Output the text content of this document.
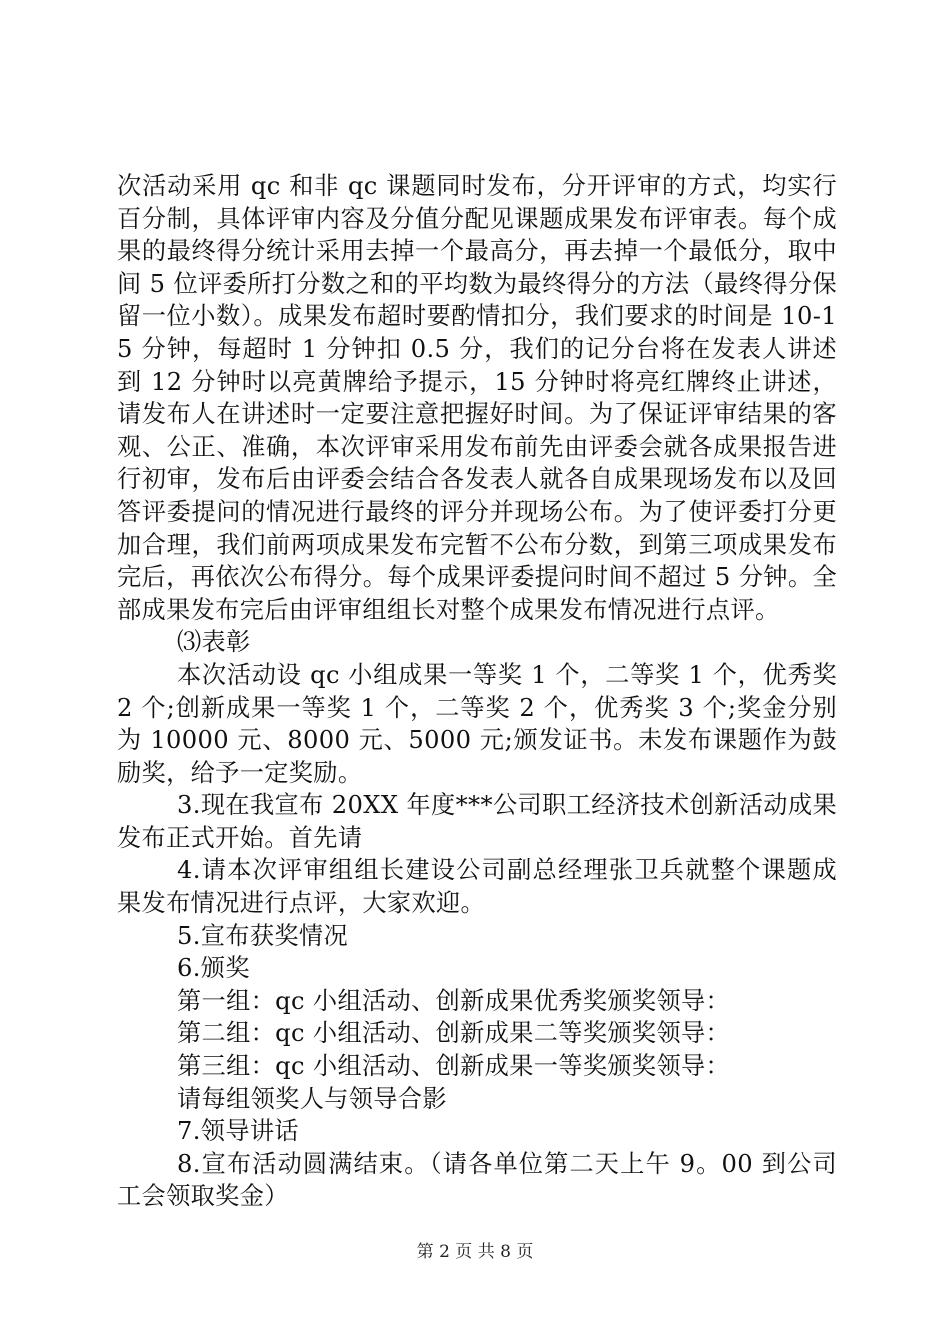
次活动采用 qc 和非 qc 课题同时发布，分开评审的方式，均实行百分制，具体评审内容及分值分配见课题成果发布评审表。每个成果的最终得分统计采用去掉一个最高分，再去掉一个最低分，取中间 5 位评委所打分数之和的平均数为最终得分的方法（最终得分保留一位小数）。成果发布超时要酌情扣分，我们要求的时间是 10-15 分钟，每超时 1 分钟扣 0.5 分，我们的记分台将在发表人讲述到 12 分钟时以亮黄牌给予提示，15 分钟时将亮红牌终止讲述，请发布人在讲述时一定要注意把握好时间。为了保证评审结果的客观、公正、准确，本次评审采用发布前先由评委会就各成果报告进行初审，发布后由评委会结合各发表人就各自成果现场发布以及回答评委提问的情况进行最终的评分并现场公布。为了使评委打分更加合理，我们前两项成果发布完暂不公布分数，到第三项成果发布完后，再依次公布得分。每个成果评委提问时间不超过 5 分钟。全部成果发布完后由评审组组长对整个成果发布情况进行点评。

⑶表彰

本次活动设 qc 小组成果一等奖 1 个，二等奖 1 个，优秀奖 2 个;创新成果一等奖 1 个，二等奖 2 个，优秀奖 3 个;奖金分别为 10000 元、8000 元、5000 元;颁发证书。未发布课题作为鼓励奖，给予一定奖励。

3.现在我宣布 20XX 年度***公司职工经济技术创新活动成果发布正式开始。首先请

4.请本次评审组组长建设公司副总经理张卫兵就整个课题成果发布情况进行点评，大家欢迎。

5.宣布获奖情况

6.颁奖

第一组：qc 小组活动、创新成果优秀奖颁奖领导：

第二组：qc 小组活动、创新成果二等奖颁奖领导：

第三组：qc 小组活动、创新成果一等奖颁奖领导：

请每组领奖人与领导合影

7.领导讲话

8.宣布活动圆满结束。（请各单位第二天上午 9。00 到公司工会领取奖金）

第 2 页 共 8 页
